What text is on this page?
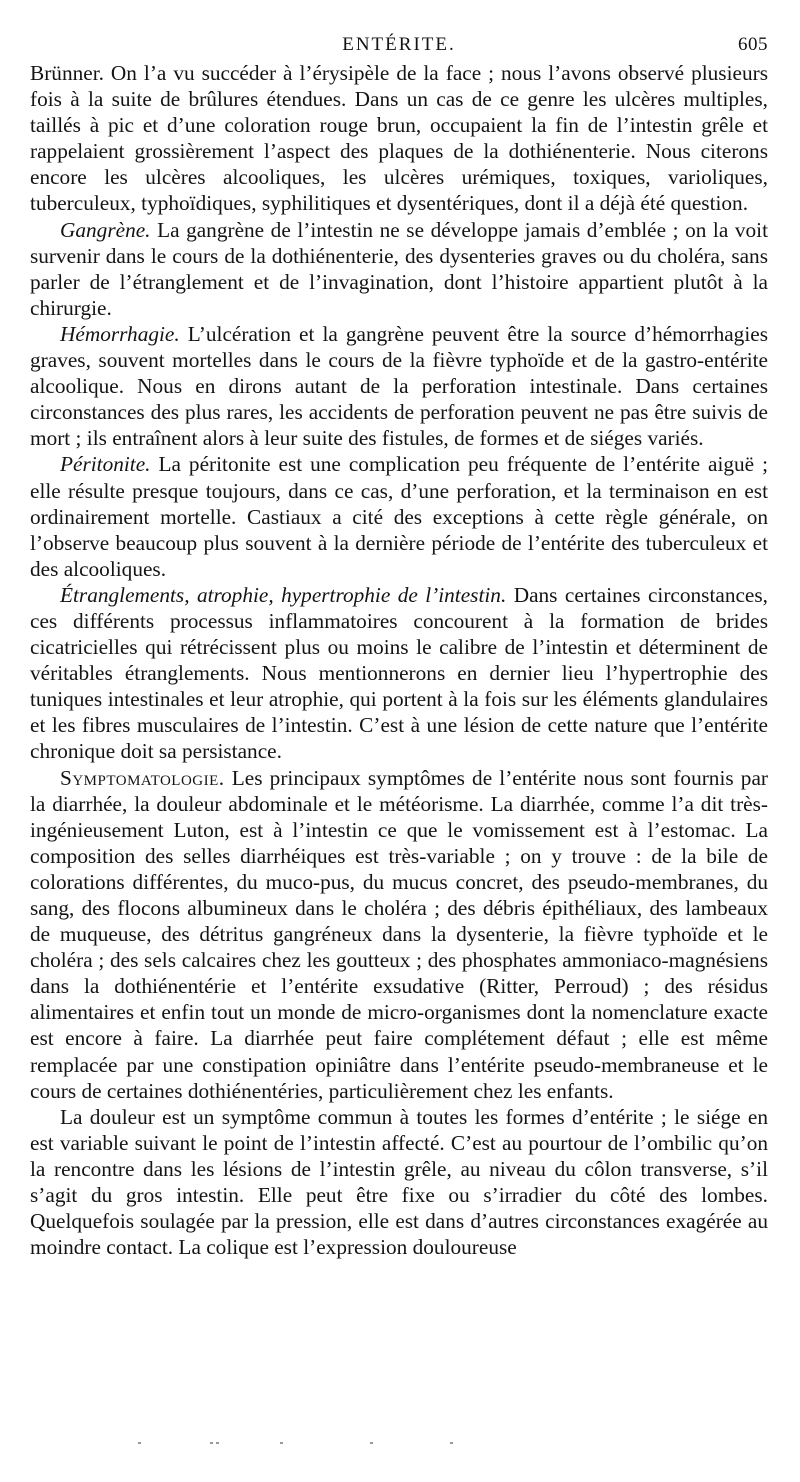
ENTÉRITE.	605

Brünner. On l’a vu succéder à l’érysipèle de la face ; nous l’avons observé plusieurs fois à la suite de brûlures étendues. Dans un cas de ce genre les ulcères multiples, taillés à pic et d’une coloration rouge brun, occupaient la fin de l’intestin grêle et rappelaient grossièrement l’aspect des plaques de la dothiénenterie. Nous citerons encore les ulcères alcooliques, les ulcères urémiques, toxiques, varioliques, tuberculeux, typhoïdiques, syphilitiques et dysentériques, dont il a déjà été question.

Gangrène. La gangrène de l’intestin ne se développe jamais d’emblée ; on la voit survenir dans le cours de la dothiénenterie, des dysenteries graves ou du choléra, sans parler de l’étranglement et de l’invagination, dont l’histoire appartient plutôt à la chirurgie.

Hémorrhagie. L’ulcération et la gangrène peuvent être la source d’hémorrhagies graves, souvent mortelles dans le cours de la fièvre typhoïde et de la gastro-entérite alcoolique. Nous en dirons autant de la perforation intestinale. Dans certaines circonstances des plus rares, les accidents de perforation peuvent ne pas être suivis de mort ; ils entraînent alors à leur suite des fistules, de formes et de siéges variés.

Péritonite. La péritonite est une complication peu fréquente de l’entérite aiguë ; elle résulte presque toujours, dans ce cas, d’une perforation, et la terminaison en est ordinairement mortelle. Castiaux a cité des exceptions à cette règle générale, on l’observe beaucoup plus souvent à la dernière période de l’entérite des tuberculeux et des alcooliques.

Étranglements, atrophie, hypertrophie de l’intestin. Dans certaines circonstances, ces différents processus inflammatoires concourent à la formation de brides cicatricielles qui rétrécissent plus ou moins le calibre de l’intestin et déterminent de véritables étranglements. Nous mentionnerons en dernier lieu l’hypertrophie des tuniques intestinales et leur atrophie, qui portent à la fois sur les éléments glandulaires et les fibres musculaires de l’intestin. C’est à une lésion de cette nature que l’entérite chronique doit sa persistance.

Symptomatologie. Les principaux symptômes de l’entérite nous sont fournis par la diarrhée, la douleur abdominale et le météorisme. La diarrhée, comme l’a dit très-ingénieusement Luton, est à l’intestin ce que le vomissement est à l’estomac. La composition des selles diarrhéiques est très-variable ; on y trouve : de la bile de colorations différentes, du muco-pus, du mucus concret, des pseudo-membranes, du sang, des flocons albumineux dans le choléra ; des débris épithéliaux, des lambeaux de muqueuse, des détritus gangréneux dans la dysenterie, la fièvre typhoïde et le choléra ; des sels calcaires chez les goutteux ; des phosphates ammoniaco-magnésiens dans la dothiénentérie et l’entérite exsudative (Ritter, Perroud) ; des résidus alimentaires et enfin tout un monde de micro-organismes dont la nomenclature exacte est encore à faire. La diarrhée peut faire complétement défaut ; elle est même remplacée par une constipation opiniâtre dans l’entérite pseudo-membraneuse et le cours de certaines dothiénentéries, particulièrement chez les enfants.

La douleur est un symptôme commun à toutes les formes d’entérite ; le siége en est variable suivant le point de l’intestin affecté. C’est au pourtour de l’ombilic qu’on la rencontre dans les lésions de l’intestin grêle, au niveau du côlon transverse, s’il s’agit du gros intestin. Elle peut être fixe ou s’irradier du côté des lombes. Quelquefois soulagée par la pression, elle est dans d’autres circonstances exagérée au moindre contact. La colique est l’expression douloureuse
